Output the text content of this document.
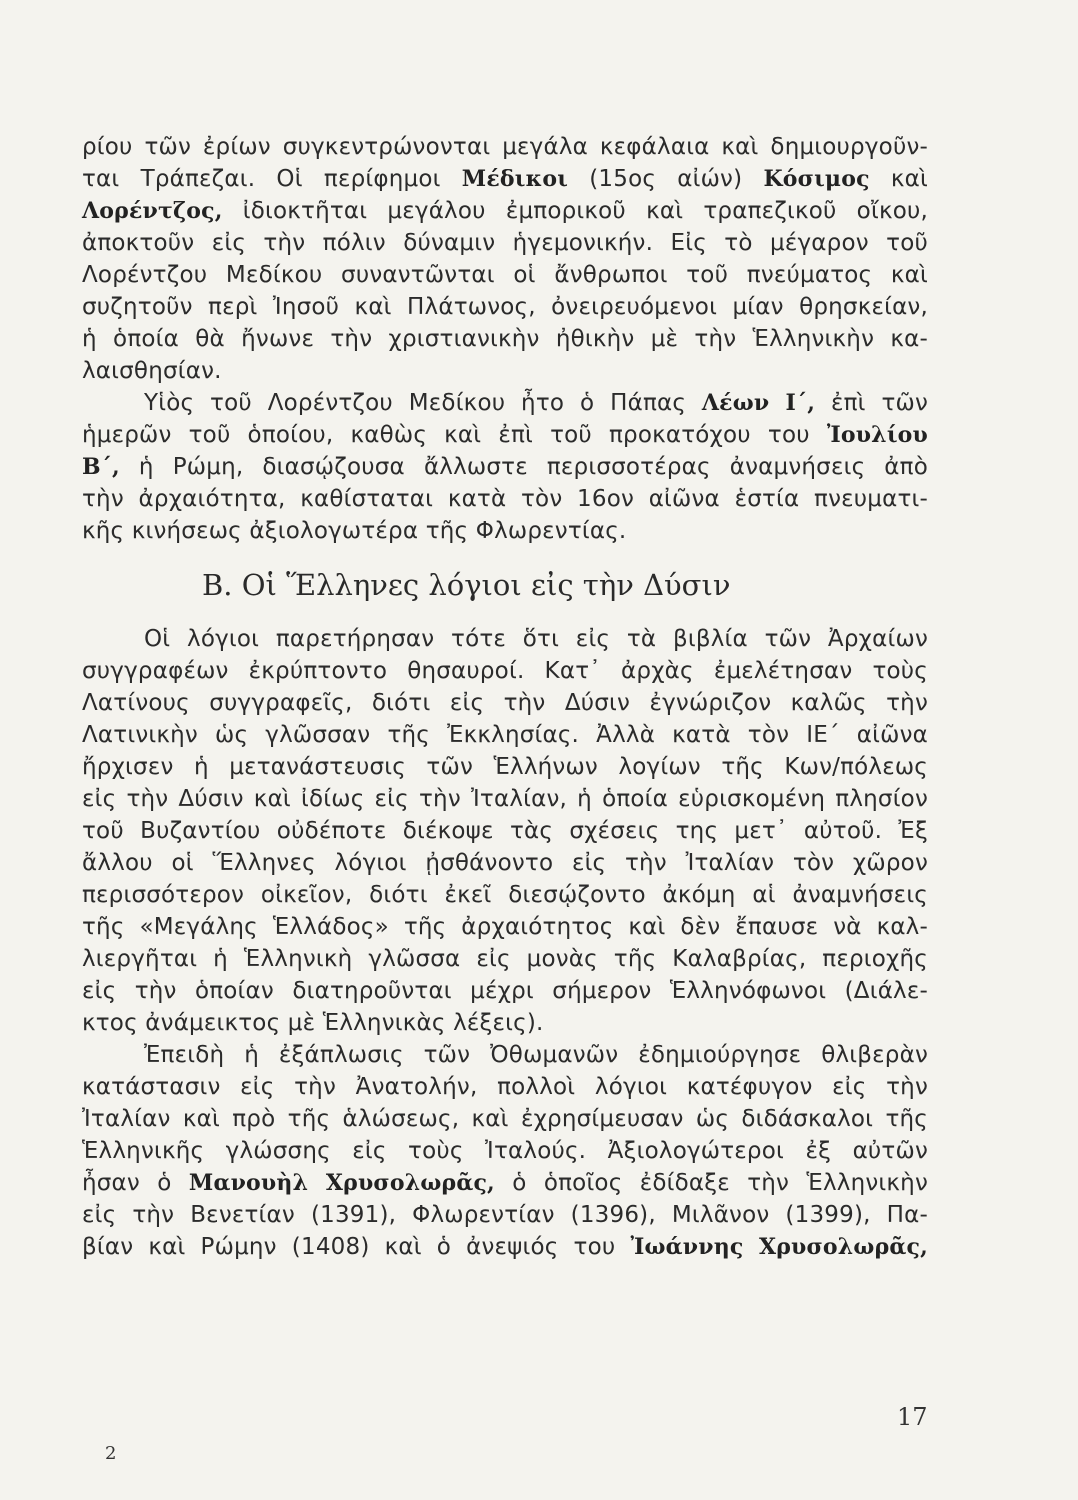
ρίου τῶν ἐρίων συγκεντρώνονται μεγάλα κεφάλαια καὶ δημιουργοῦν-
ται Τράπεζαι. Οἱ περίφημοι Μέδικοι (15ος αἰών) Κόσιμος καὶ
Λορέντζος, ἰδιοκτῆται μεγάλου ἐμπορικοῦ καὶ τραπεζικοῦ οἴκου,
ἀποκτοῦν εἰς τὴν πόλιν δύναμιν ἡγεμονικήν. Εἰς τὸ μέγαρον τοῦ
Λορέντζου Μεδίκου συναντῶνται οἱ ἄνθρωποι τοῦ πνεύματος καὶ
συζητοῦν περὶ Ἰησοῦ καὶ Πλάτωνος, ὀνειρευόμενοι μίαν θρησκείαν,
ἡ ὁποία θὰ ἤνωνε τὴν χριστιανικὴν ἠθικὴν μὲ τὴν Ἑλληνικὴν κα-
λαισθησίαν.
Υἱὸς τοῦ Λορέντζου Μεδίκου ἦτο ὁ Πάπας Λέων Ι΄, ἐπὶ τῶν
ἡμερῶν τοῦ ὁποίου, καθὼς καὶ ἐπὶ τοῦ προκατόχου του Ἰουλίου
Β΄, ἡ Ρώμη, διασῴζουσα ἄλλωστε περισσοτέρας ἀναμνήσεις ἀπὸ
τὴν ἀρχαιότητα, καθίσταται κατὰ τὸν 16ον αἰῶνα ἑστία πνευματι-
κῆς κινήσεως ἀξιολογωτέρα τῆς Φλωρεντίας.
Β. Οἱ Ἕλληνες λόγιοι εἰς τὴν Δύσιν
Οἱ λόγιοι παρετήρησαν τότε ὅτι εἰς τὰ βιβλία τῶν Ἀρχαίων
συγγραφέων ἐκρύπτοντο θησαυροί. Κατ᾿ ἀρχὰς ἐμελέτησαν τοὺς
Λατίνους συγγραφεῖς, διότι εἰς τὴν Δύσιν ἐγνώριζον καλῶς τὴν
Λατινικὴν ὡς γλῶσσαν τῆς Ἐκκλησίας. Ἀλλὰ κατὰ τὸν ΙΕ΄ αἰῶνα
ἤρχισεν ἡ μετανάστευσις τῶν Ἑλλήνων λογίων τῆς Κων/πόλεως
εἰς τὴν Δύσιν καὶ ἰδίως εἰς τὴν Ἰταλίαν, ἡ ὁποία εὑρισκομένη πλησίον
τοῦ Βυζαντίου οὐδέποτε διέκοψε τὰς σχέσεις της μετ᾿ αὐτοῦ. Ἐξ
ἄλλου οἱ Ἕλληνες λόγιοι ᾐσθάνοντο εἰς τὴν Ἰταλίαν τὸν χῶρον
περισσότερον οἰκεῖον, διότι ἐκεῖ διεσῴζοντο ἀκόμη αἱ ἀναμνήσεις
τῆς «Μεγάλης Ἑλλάδος» τῆς ἀρχαιότητος καὶ δὲν ἔπαυσε νὰ καλ-
λιεργῆται ἡ Ἑλληνικὴ γλῶσσα εἰς μονὰς τῆς Καλαβρίας, περιοχῆς
εἰς τὴν ὁποίαν διατηροῦνται μέχρι σήμερον Ἑλληνόφωνοι (Διάλε-
κτος ἀνάμεικτος μὲ Ἑλληνικὰς λέξεις).
Ἐπειδὴ ἡ ἐξάπλωσις τῶν Ὀθωμανῶν ἐδημιούργησε θλιβερὰν
κατάστασιν εἰς τὴν Ἀνατολήν, πολλοὶ λόγιοι κατέφυγον εἰς τὴν
Ἰταλίαν καὶ πρὸ τῆς ἁλώσεως, καὶ ἐχρησίμευσαν ὡς διδάσκαλοι τῆς
Ἑλληνικῆς γλώσσης εἰς τοὺς Ἰταλούς. Ἀξιολογώτεροι ἐξ αὐτῶν
ἦσαν ὁ Μανουὴλ Χρυσολωρᾶς, ὁ ὁποῖος ἐδίδαξε τὴν Ἑλληνικὴν
εἰς τὴν Βενετίαν (1391), Φλωρεντίαν (1396), Μιλᾶνον (1399), Πα-
βίαν καὶ Ρώμην (1408) καὶ ὁ ἀνεψιός του Ἰωάννης Χρυσολωρᾶς,
17
2
